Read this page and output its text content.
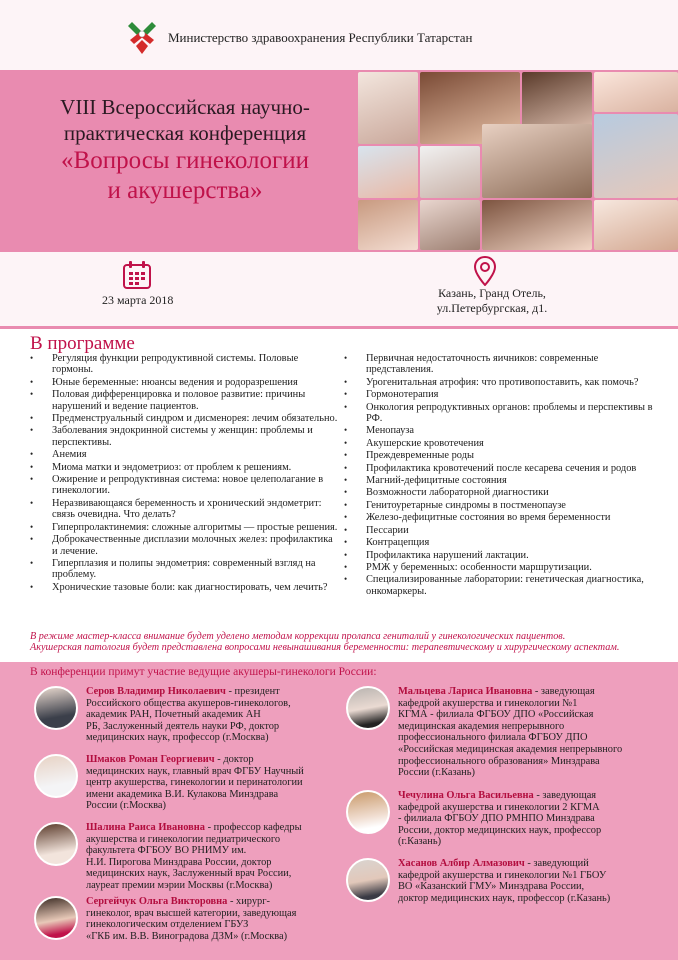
Министерство здравоохранения Республики Татарстан
VIII Всероссийская научно-
практическая конференция
«Вопросы гинекологии
и акушерства»
23 марта 2018	Казань, Гранд Отель,
ул.Петербургская, д1.
В программе
• Регуляция функции репродуктивной системы. Половые гормоны.
• Юные беременные: нюансы ведения и родоразрешения
• Половая дифференцировка и половое развитие: причины нарушений и ведение пациентов.
• Предменструальный синдром и дисменорея: лечим обязательно.
• Заболевания эндокринной системы у женщин: проблемы и перспективы.
• Анемия
• Миома матки и эндометриоз: от проблем к решениям.
• Ожирение и репродуктивная система: новое целеполагание в гинекологии.
• Неразвивающаяся беременность и хронический эндометрит: связь очевидна. Что делать?
• Гиперпролактинемия: сложные алгоритмы — простые решения.
• Доброкачественные дисплазии молочных желез: профилактика и лечение.
• Гиперплазия и полипы эндометрия: современный взгляд на проблему.
• Хронические тазовые боли: как диагностировать, чем лечить?
• Первичная недостаточность яичников: современные представления.
• Урогенитальная атрофия: что противопоставить, как помочь?
• Гормонотерапия
• Онкология репродуктивных органов: проблемы и перспективы в РФ.
• Менопауза
• Акушерские кровотечения
• Преждевременные роды
• Профилактика кровотечений после кесарева сечения и родов
• Магний-дефицитные состояния
• Возможности лабораторной диагностики
• Генитоуретарные синдромы в постменопаузе
• Железо-дефицитные состояния во время беременности
• Пессарии
• Контрацепция
• Профилактика нарушений лактации.
• РМЖ у беременных: особенности маршрутизации.
• Специализированные лаборатории: генетическая диагностика, онкомаркеры.
В режиме мастер-класса внимание будет уделено методам коррекции пролапса гениталий у гинекологических пациентов.
Акушерская патология будет представлена вопросами невынашивания беременности: терапевтическому и хирургическому аспектам.
В конференции примут участие ведущие акушеры-гинекологи России:
Серов Владимир Николаевич - президент
Российского общества акушеров-гинекологов,
академик РАН, Почетный академик АН
РБ, Заслуженный деятель науки РФ, доктор
медицинских наук, профессор (г.Москва)
Шмаков Роман Георгиевич - доктор
медицинских наук, главный врач ФГБУ Научный
центр акушерства, гинекологии и перинатологии
имени академика В.И. Кулакова Минздрава
России (г.Москва)
Шалина Раиса Ивановна - профессор кафедры
акушерства и гинекологии педиатрического
факультета ФГБОУ ВО РНИМУ им.
Н.И. Пирогова Минздрава России, доктор
медицинских наук, Заслуженный врач России,
лауреат премии мэрии Москвы (г.Москва)
Сергейчук Ольга Викторовна - хирург-
гинеколог, врач высшей категории, заведующая
гинекологическим отделением ГБУЗ
«ГКБ им. В.В. Виноградова ДЗМ» (г.Москва)
Мальцева Лариса Ивановна - заведующая
кафедрой акушерства и гинекологии №1
КГМА - филиала ФГБОУ ДПО «Российская
медицинская академия непрерывного
профессионального филиала ФГБОУ ДПО
«Российская медицинская академия непрерывного
профессионального образования» Минздрава
России (г.Казань)
Чечулина Ольга Васильевна - заведующая
кафедрой акушерства и гинекологии 2 КГМА
- филиала ФГБОУ ДПО РМНПО Минздрава
России, доктор медицинских наук, профессор
(г.Казань)
Хасанов Албир Алмазович - заведующий
кафедрой акушерства и гинекологии №1 ГБОУ
ВО «Казанский ГМУ» Минздрава России,
доктор медицинских наук, профессор (г.Казань)
